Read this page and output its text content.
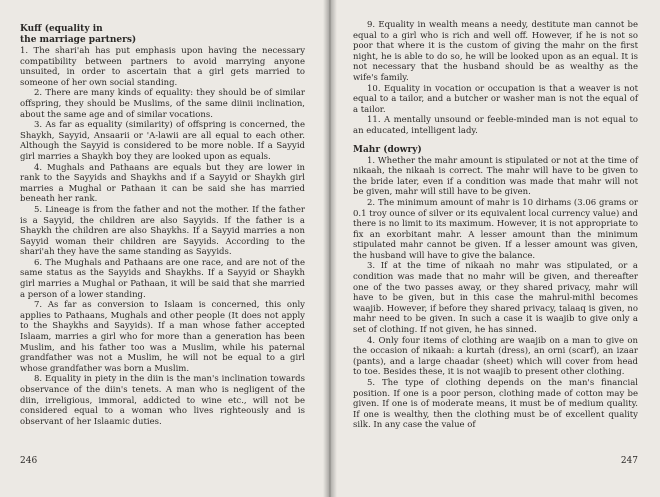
Kuff (equality in
the marriage partners)

1. The shari'ah has put emphasis upon having the necessary compatibility between partners to avoid marrying anyone unsuited, in order to ascertain that a girl gets married to someone of her own social standing.

2. There are many kinds of equality: they should be of similar offspring, they should be Muslims, of the same diinii inclination, about the same age and of similar vocations.

3. As far as equality (similarity) of offspring is concerned, the Shaykh, Sayyid, Ansaarii or 'A-lawii are all equal to each other. Although the Sayyid is considered to be more noble. If a Sayyid girl marries a Shaykh boy they are looked upon as equals.

4. Mughals and Pathaans are equals but they are lower in rank to the Sayyids and Shaykhs and if a Sayyid or Shaykh girl marries a Mughal or Pathaan it can be said she has married beneath her rank.

5. Lineage is from the father and not the mother. If the father is a Sayyid, the children are also Sayyids. If the father is a Shaykh the children are also Shaykhs. If a Sayyid marries a non Sayyid woman their children are Sayyids. According to the shari'ah they have the same standing as Sayyids.

6. The Mughals and Pathaans are one race, and are not of the same status as the Sayyids and Shaykhs. If a Sayyid or Shaykh girl marries a Mughal or Pathaan, it will be said that she married a person of a lower standing.

7. As far as conversion to Islaam is concerned, this only applies to Pathaans, Mughals and other people (It does not apply to the Shaykhs and Sayyids). If a man whose father accepted Islaam, marries a girl who for more than a generation has been Muslim, and his father too was a Muslim, while his paternal grandfather was not a Muslim, he will not be equal to a girl whose grandfather was born a Muslim.

8. Equality in piety in the diin is the man's inclination towards observance of the diin's tenets. A man who is negligent of the diin, irreligious, immoral, addicted to wine etc., will not be considered equal to a woman who lives righteously and is observant of her Islaamic duties.

246

9. Equality in wealth means a needy, destitute man cannot be equal to a girl who is rich and well off. However, if he is not so poor that where it is the custom of giving the mahr on the first night, he is able to do so, he will be looked upon as an equal. It is not necessary that the husband should be as wealthy as the wife's family.

10. Equality in vocation or occupation is that a weaver is not equal to a tailor, and a butcher or washer man is not the equal of a tailor.

11. A mentally unsound or feeble-minded man is not equal to an educated, intelligent lady.

Mahr (dowry)

1. Whether the mahr amount is stipulated or not at the time of nikaah, the nikaah is correct. The mahr will have to be given to the bride later, even if a condition was made that mahr will not be given, mahr will still have to be given.

2. The minimum amount of mahr is 10 dirhams (3.06 grams or 0.1 troy ounce of silver or its equivalent local currency value) and there is no limit to its maximum. However, it is not appropriate to fix an exorbitant mahr. A lesser amount than the minimum stipulated mahr cannot be given. If a lesser amount was given, the husband will have to give the balance.

3. If at the time of nikaah no mahr was stipulated, or a condition was made that no mahr will be given, and thereafter one of the two passes away, or they shared privacy, mahr will have to be given, but in this case the mahrul-mithl becomes waajib. However, if before they shared privacy, talaaq is given, no mahr need to be given. In such a case it is waajib to give only a set of clothing. If not given, he has sinned.

4. Only four items of clothing are waajib on a man to give on the occasion of nikaah: a kurtah (dress), an orni (scarf), an izaar (pants), and a large chaadar (sheet) which will cover from head to toe. Besides these, it is not waajib to present other clothing.

5. The type of clothing depends on the man's financial position. If one is a poor person, clothing made of cotton may be given. If one is of moderate means, it must be of medium quality. If one is wealthy, then the clothing must be of excellent quality silk. In any case the value of

247
